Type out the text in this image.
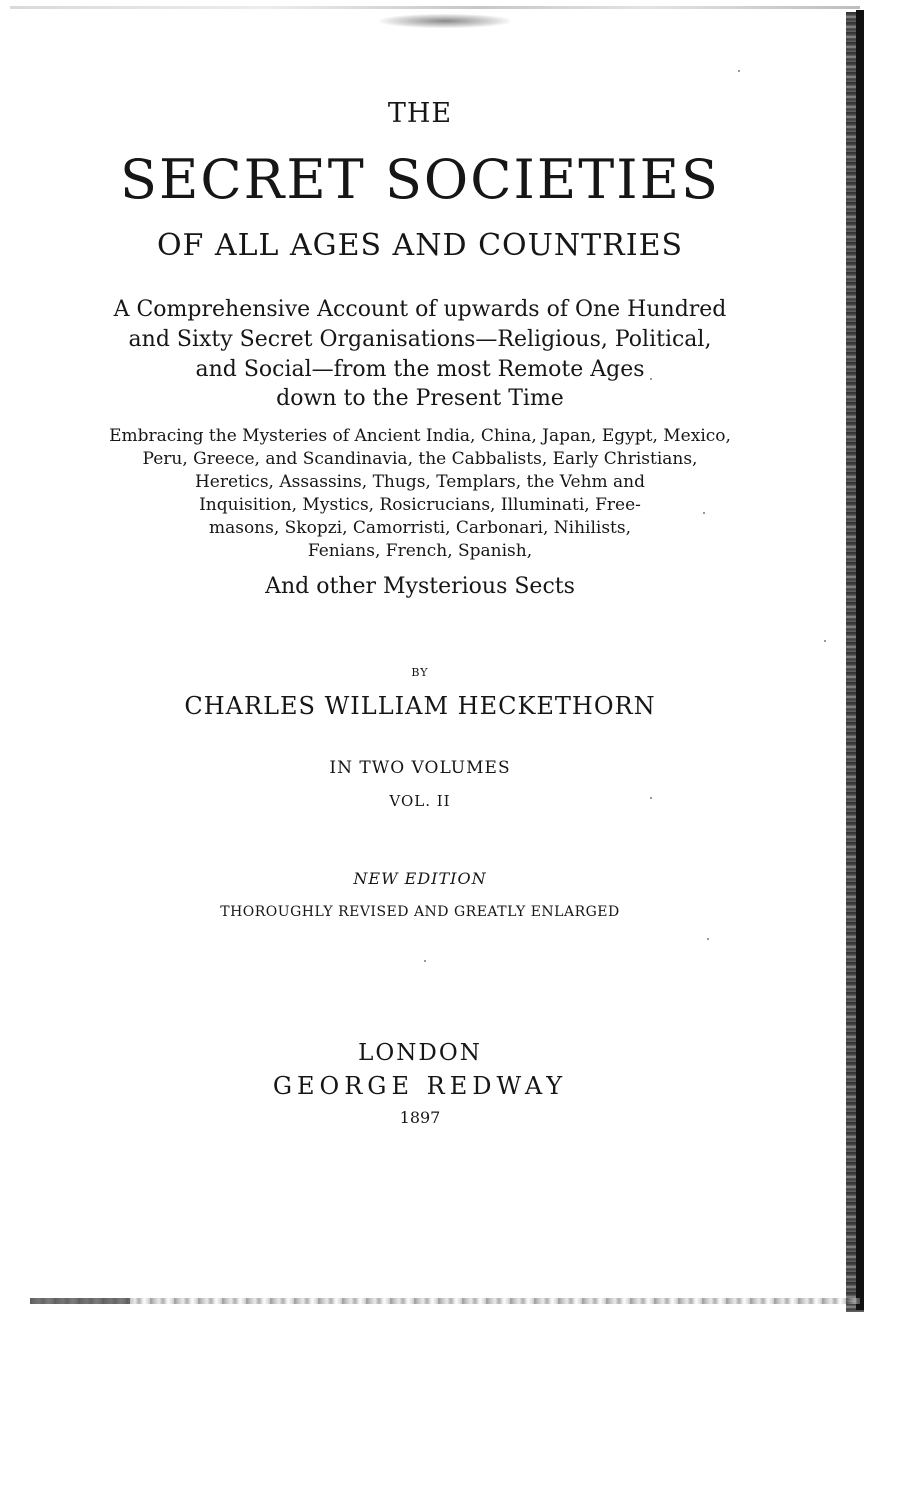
THE
SECRET SOCIETIES
OF ALL AGES AND COUNTRIES
A Comprehensive Account of upwards of One Hundred
and Sixty Secret Organisations—Religious, Political,
and Social—from the most Remote Ages
down to the Present Time
Embracing the Mysteries of Ancient India, China, Japan, Egypt, Mexico,
Peru, Greece, and Scandinavia, the Cabbalists, Early Christians,
Heretics, Assassins, Thugs, Templars, the Vehm and
Inquisition, Mystics, Rosicrucians, Illuminati, Free-
masons, Skopzi, Camorristi, Carbonari, Nihilists,
Fenians, French, Spanish,
And other Mysterious Sects
BY
CHARLES WILLIAM HECKETHORN
IN TWO VOLUMES
VOL. II
NEW EDITION
THOROUGHLY REVISED AND GREATLY ENLARGED
LONDON
GEORGE REDWAY
1897
